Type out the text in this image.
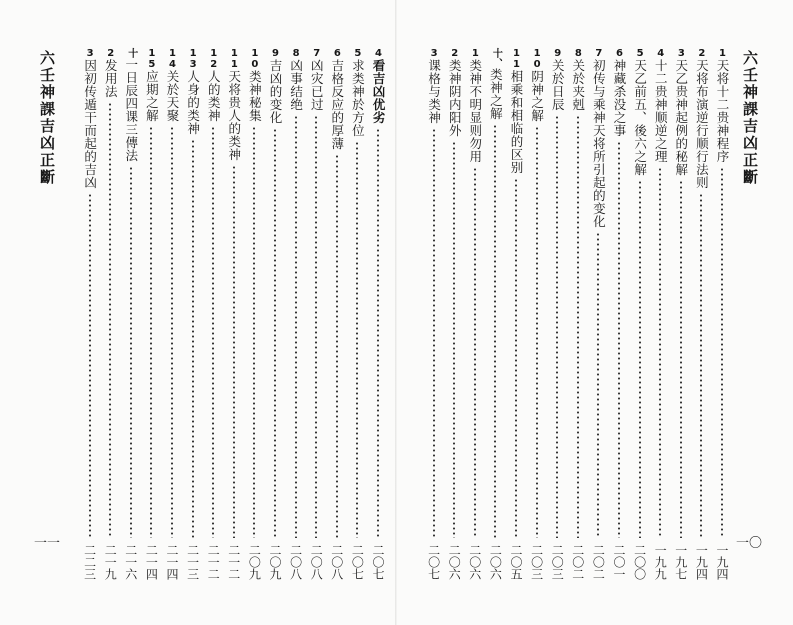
六壬神課吉凶正斷
一〇
1天将十二贵神程序
一九四
2天将布演逆行顺行法则
一九四
3天乙贵神起例的秘解
一九七
4十二贵神顺逆之理
一九九
5天乙前五、後六之解
二〇〇
6神藏杀没之事
二〇一
7初传与乘神天将所引起的变化
二〇二
8关於夹剋
二〇二
9关於日辰
二〇三
10阴神之解
二〇三
11相乘和相临的区别
二〇五
十、类神之解
二〇六
1类神不明显则勿用
二〇六
2类神阴内阳外
二〇六
3课格与类神
二〇七
六壬神課吉凶正斷
一一
4看吉凶优劣
二〇七
5求类神於方位
二〇七
6吉格反应的厚薄
二〇八
7凶灾已过
二〇八
8凶事结绝
二〇八
9吉凶的变化
二〇九
10类神秘集
二〇九
11天将贵人的类神
二一二
12人的类神
二一二
13人身的类神
二一三
14关於天聚
二一四
15应期之解
二一四
十一日辰四课三傳法
二一六
2发用法
二一九
3因初传遁干而起的吉凶
二二三
